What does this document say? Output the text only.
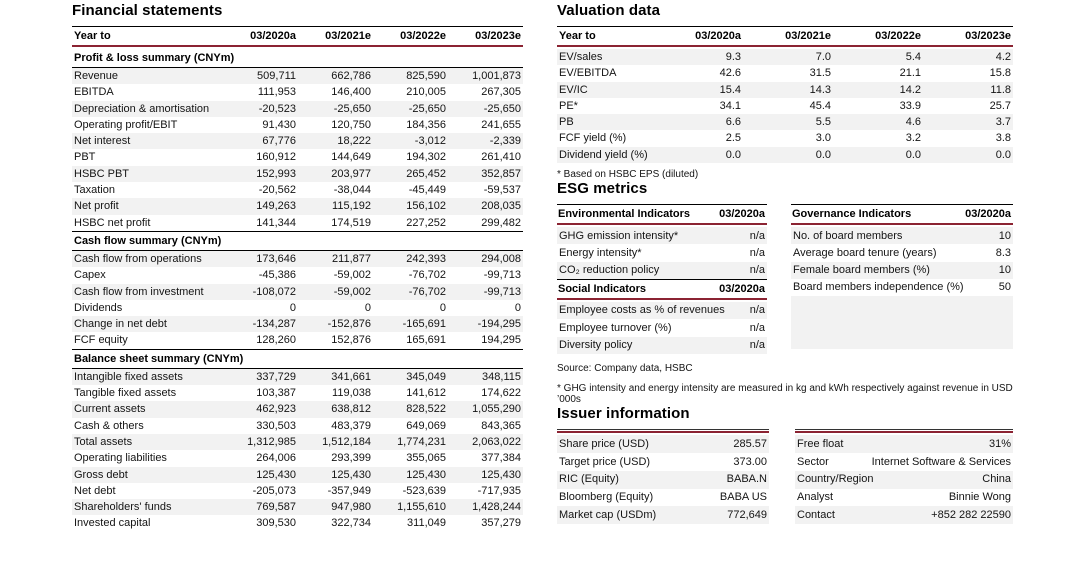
Financial statements
Year to	03/2020a	03/2021e	03/2022e	03/2023e
Profit & loss summary (CNYm)
Revenue	509,711	662,786	825,590	1,001,873
EBITDA	111,953	146,400	210,005	267,305
Depreciation & amortisation	-20,523	-25,650	-25,650	-25,650
Operating profit/EBIT	91,430	120,750	184,356	241,655
Net interest	67,776	18,222	-3,012	-2,339
PBT	160,912	144,649	194,302	261,410
HSBC PBT	152,993	203,977	265,452	352,857
Taxation	-20,562	-38,044	-45,449	-59,537
Net profit	149,263	115,192	156,102	208,035
HSBC net profit	141,344	174,519	227,252	299,482
Cash flow summary (CNYm)
Cash flow from operations	173,646	211,877	242,393	294,008
Capex	-45,386	-59,002	-76,702	-99,713
Cash flow from investment	-108,072	-59,002	-76,702	-99,713
Dividends	0	0	0	0
Change in net debt	-134,287	-152,876	-165,691	-194,295
FCF equity	128,260	152,876	165,691	194,295
Balance sheet summary (CNYm)
Intangible fixed assets	337,729	341,661	345,049	348,115
Tangible fixed assets	103,387	119,038	141,612	174,622
Current assets	462,923	638,812	828,522	1,055,290
Cash & others	330,503	483,379	649,069	843,365
Total assets	1,312,985	1,512,184	1,774,231	2,063,022
Operating liabilities	264,006	293,399	355,065	377,384
Gross debt	125,430	125,430	125,430	125,430
Net debt	-205,073	-357,949	-523,639	-717,935
Shareholders' funds	769,587	947,980	1,155,610	1,428,244
Invested capital	309,530	322,734	311,049	357,279
Valuation data
Year to	03/2020a	03/2021e	03/2022e	03/2023e
EV/sales	9.3	7.0	5.4	4.2
EV/EBITDA	42.6	31.5	21.1	15.8
EV/IC	15.4	14.3	14.2	11.8
PE*	34.1	45.4	33.9	25.7
PB	6.6	5.5	4.6	3.7
FCF yield (%)	2.5	3.0	3.2	3.8
Dividend yield (%)	0.0	0.0	0.0	0.0
* Based on HSBC EPS (diluted)
ESG metrics
Environmental Indicators	03/2020a
GHG emission intensity*	n/a
Energy intensity*	n/a
CO₂ reduction policy	n/a
Social Indicators	03/2020a
Employee costs as % of revenues	n/a
Employee turnover (%)	n/a
Diversity policy	n/a
Governance Indicators	03/2020a
No. of board members	10
Average board tenure (years)	8.3
Female board members (%)	10
Board members independence (%)	50
Source: Company data, HSBC
* GHG intensity and energy intensity are measured in kg and kWh respectively against revenue in USD ’000s
Issuer information
Share price (USD)	285.57
Target price (USD)	373.00
RIC (Equity)	BABA.N
Bloomberg (Equity)	BABA US
Market cap (USDm)	772,649
Free float	31%
Sector	Internet Software & Services
Country/Region	China
Analyst	Binnie Wong
Contact	+852 282 22590
